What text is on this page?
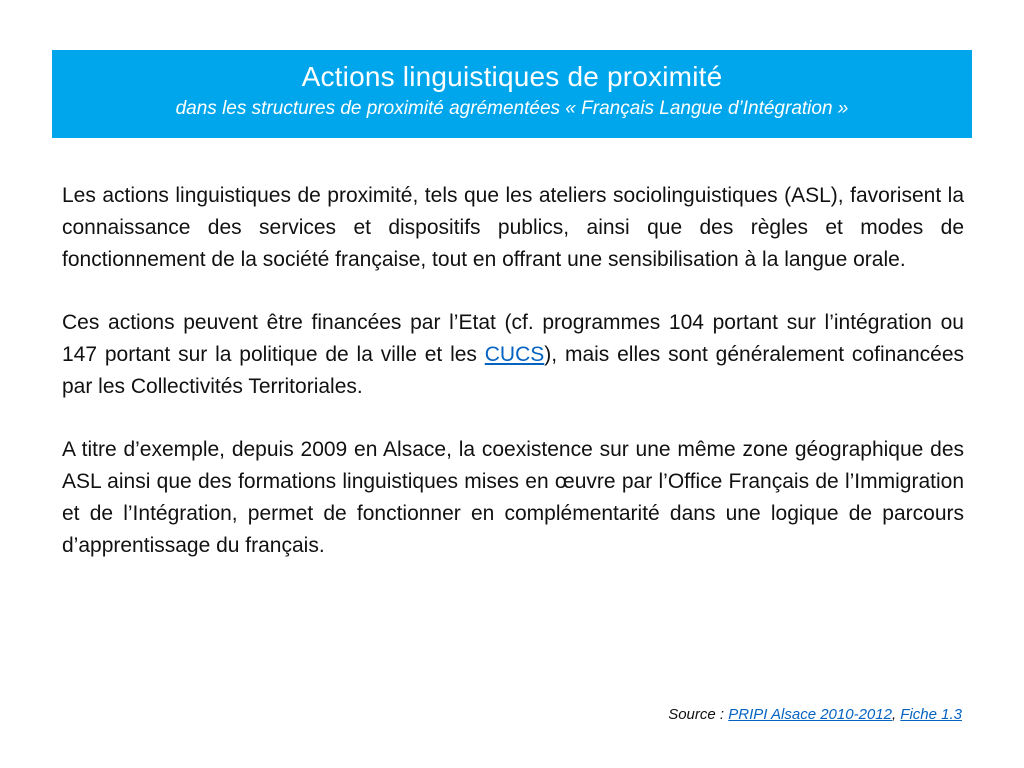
Actions linguistiques de proximité
dans les structures de proximité agrémentées « Français Langue d’Intégration »

Les actions linguistiques de proximité, tels que les ateliers sociolinguistiques (ASL), favorisent la connaissance des services et dispositifs publics, ainsi que des règles et modes de fonctionnement de la société française, tout en offrant une sensibilisation à la langue orale.

Ces actions peuvent être financées par l’Etat (cf. programmes 104 portant sur l’intégration ou 147 portant sur la politique de la ville et les CUCS), mais elles sont généralement cofinancées par les Collectivités Territoriales.

A titre d’exemple, depuis 2009 en Alsace, la coexistence sur une même zone géographique des ASL ainsi que des formations linguistiques mises en œuvre par l’Office Français de l’Immigration et de l’Intégration, permet de fonctionner en complémentarité dans une logique de parcours d’apprentissage du français.

Source : PRIPI Alsace 2010-2012, Fiche 1.3
